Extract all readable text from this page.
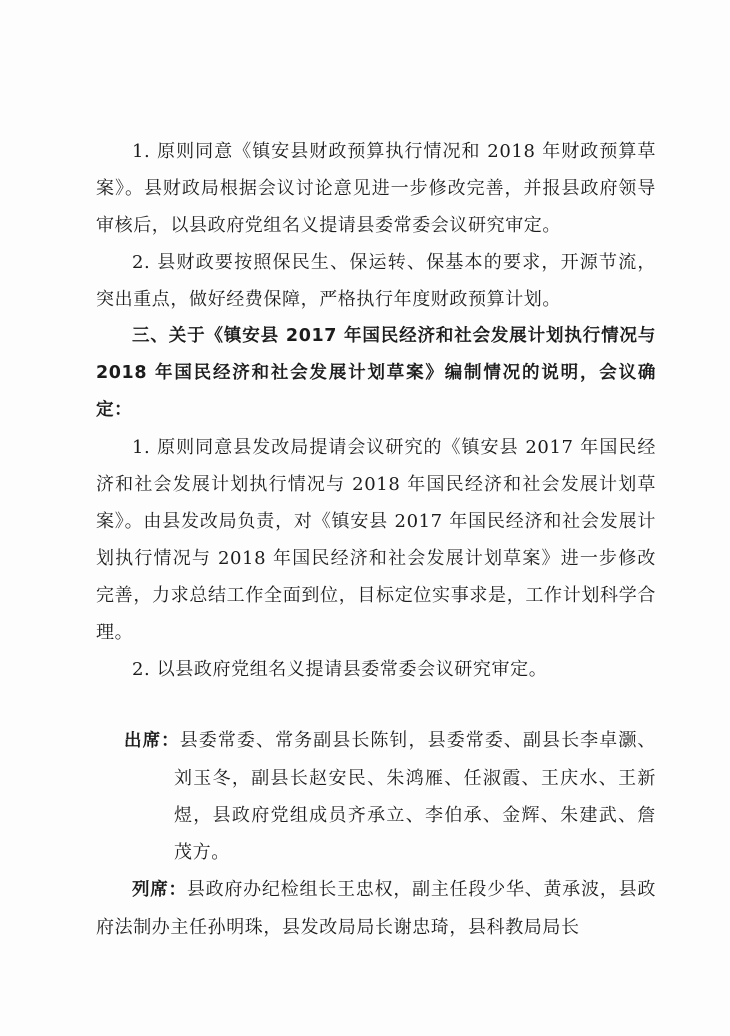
1. 原则同意《镇安县财政预算执行情况和 2018 年财政预算草案》。县财政局根据会议讨论意见进一步修改完善，并报县政府领导审核后，以县政府党组名义提请县委常委会议研究审定。

2. 县财政要按照保民生、保运转、保基本的要求，开源节流，突出重点，做好经费保障，严格执行年度财政预算计划。

三、关于《镇安县 2017 年国民经济和社会发展计划执行情况与 2018 年国民经济和社会发展计划草案》编制情况的说明，会议确定：

1. 原则同意县发改局提请会议研究的《镇安县 2017 年国民经济和社会发展计划执行情况与 2018 年国民经济和社会发展计划草案》。由县发改局负责，对《镇安县 2017 年国民经济和社会发展计划执行情况与 2018 年国民经济和社会发展计划草案》进一步修改完善，力求总结工作全面到位，目标定位实事求是，工作计划科学合理。

2. 以县政府党组名义提请县委常委会议研究审定。

出席：县委常委、常务副县长陈钊，县委常委、副县长李卓灏、刘玉冬，副县长赵安民、朱鸿雁、任淑霞、王庆水、王新煜，县政府党组成员齐承立、李伯承、金辉、朱建武、詹茂方。

列席：县政府办纪检组长王忠权，副主任段少华、黄承波，县政府法制办主任孙明珠，县发改局局长谢忠琦，县科教局局长
